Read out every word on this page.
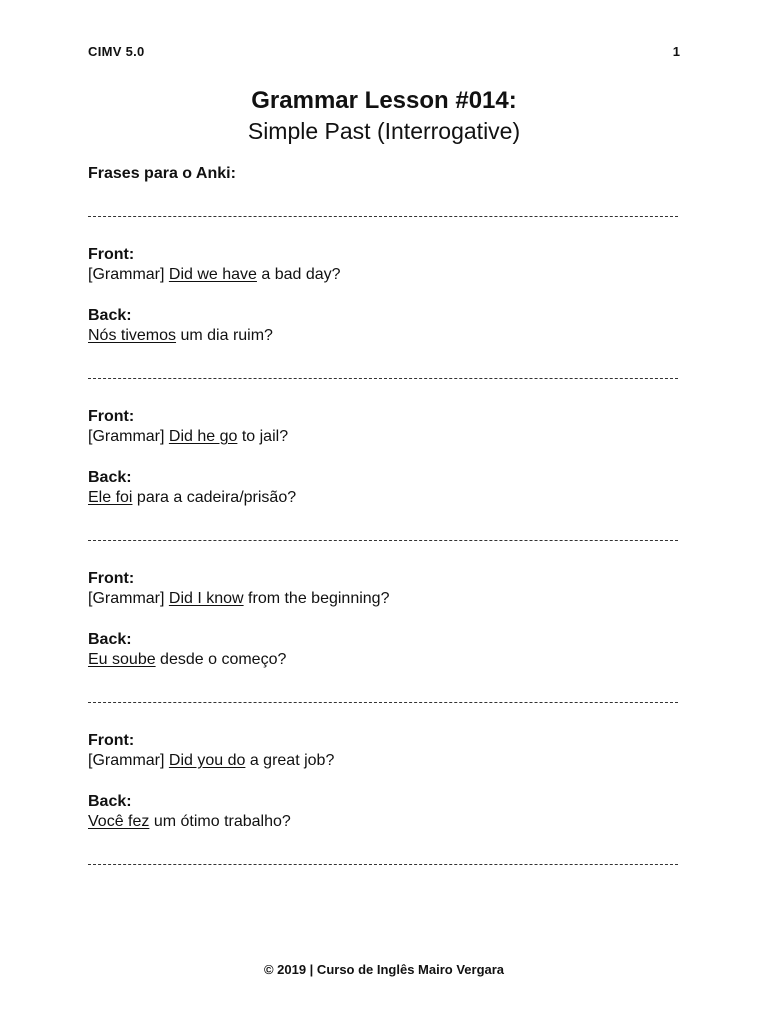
CIMV 5.0	1
Grammar Lesson #014:
Simple Past (Interrogative)
Frases para o Anki:

Front:

[Grammar] Did we have a bad day?

Back:

Nós tivemos um dia ruim?

Front:

[Grammar] Did he go to jail?

Back:

Ele foi para a cadeira/prisão?

Front:

[Grammar] Did I know from the beginning?

Back:

Eu soube desde o começo?

Front:

[Grammar] Did you do a great job?

Back:

Você fez um ótimo trabalho?

© 2019 | Curso de Inglês Mairo Vergara
